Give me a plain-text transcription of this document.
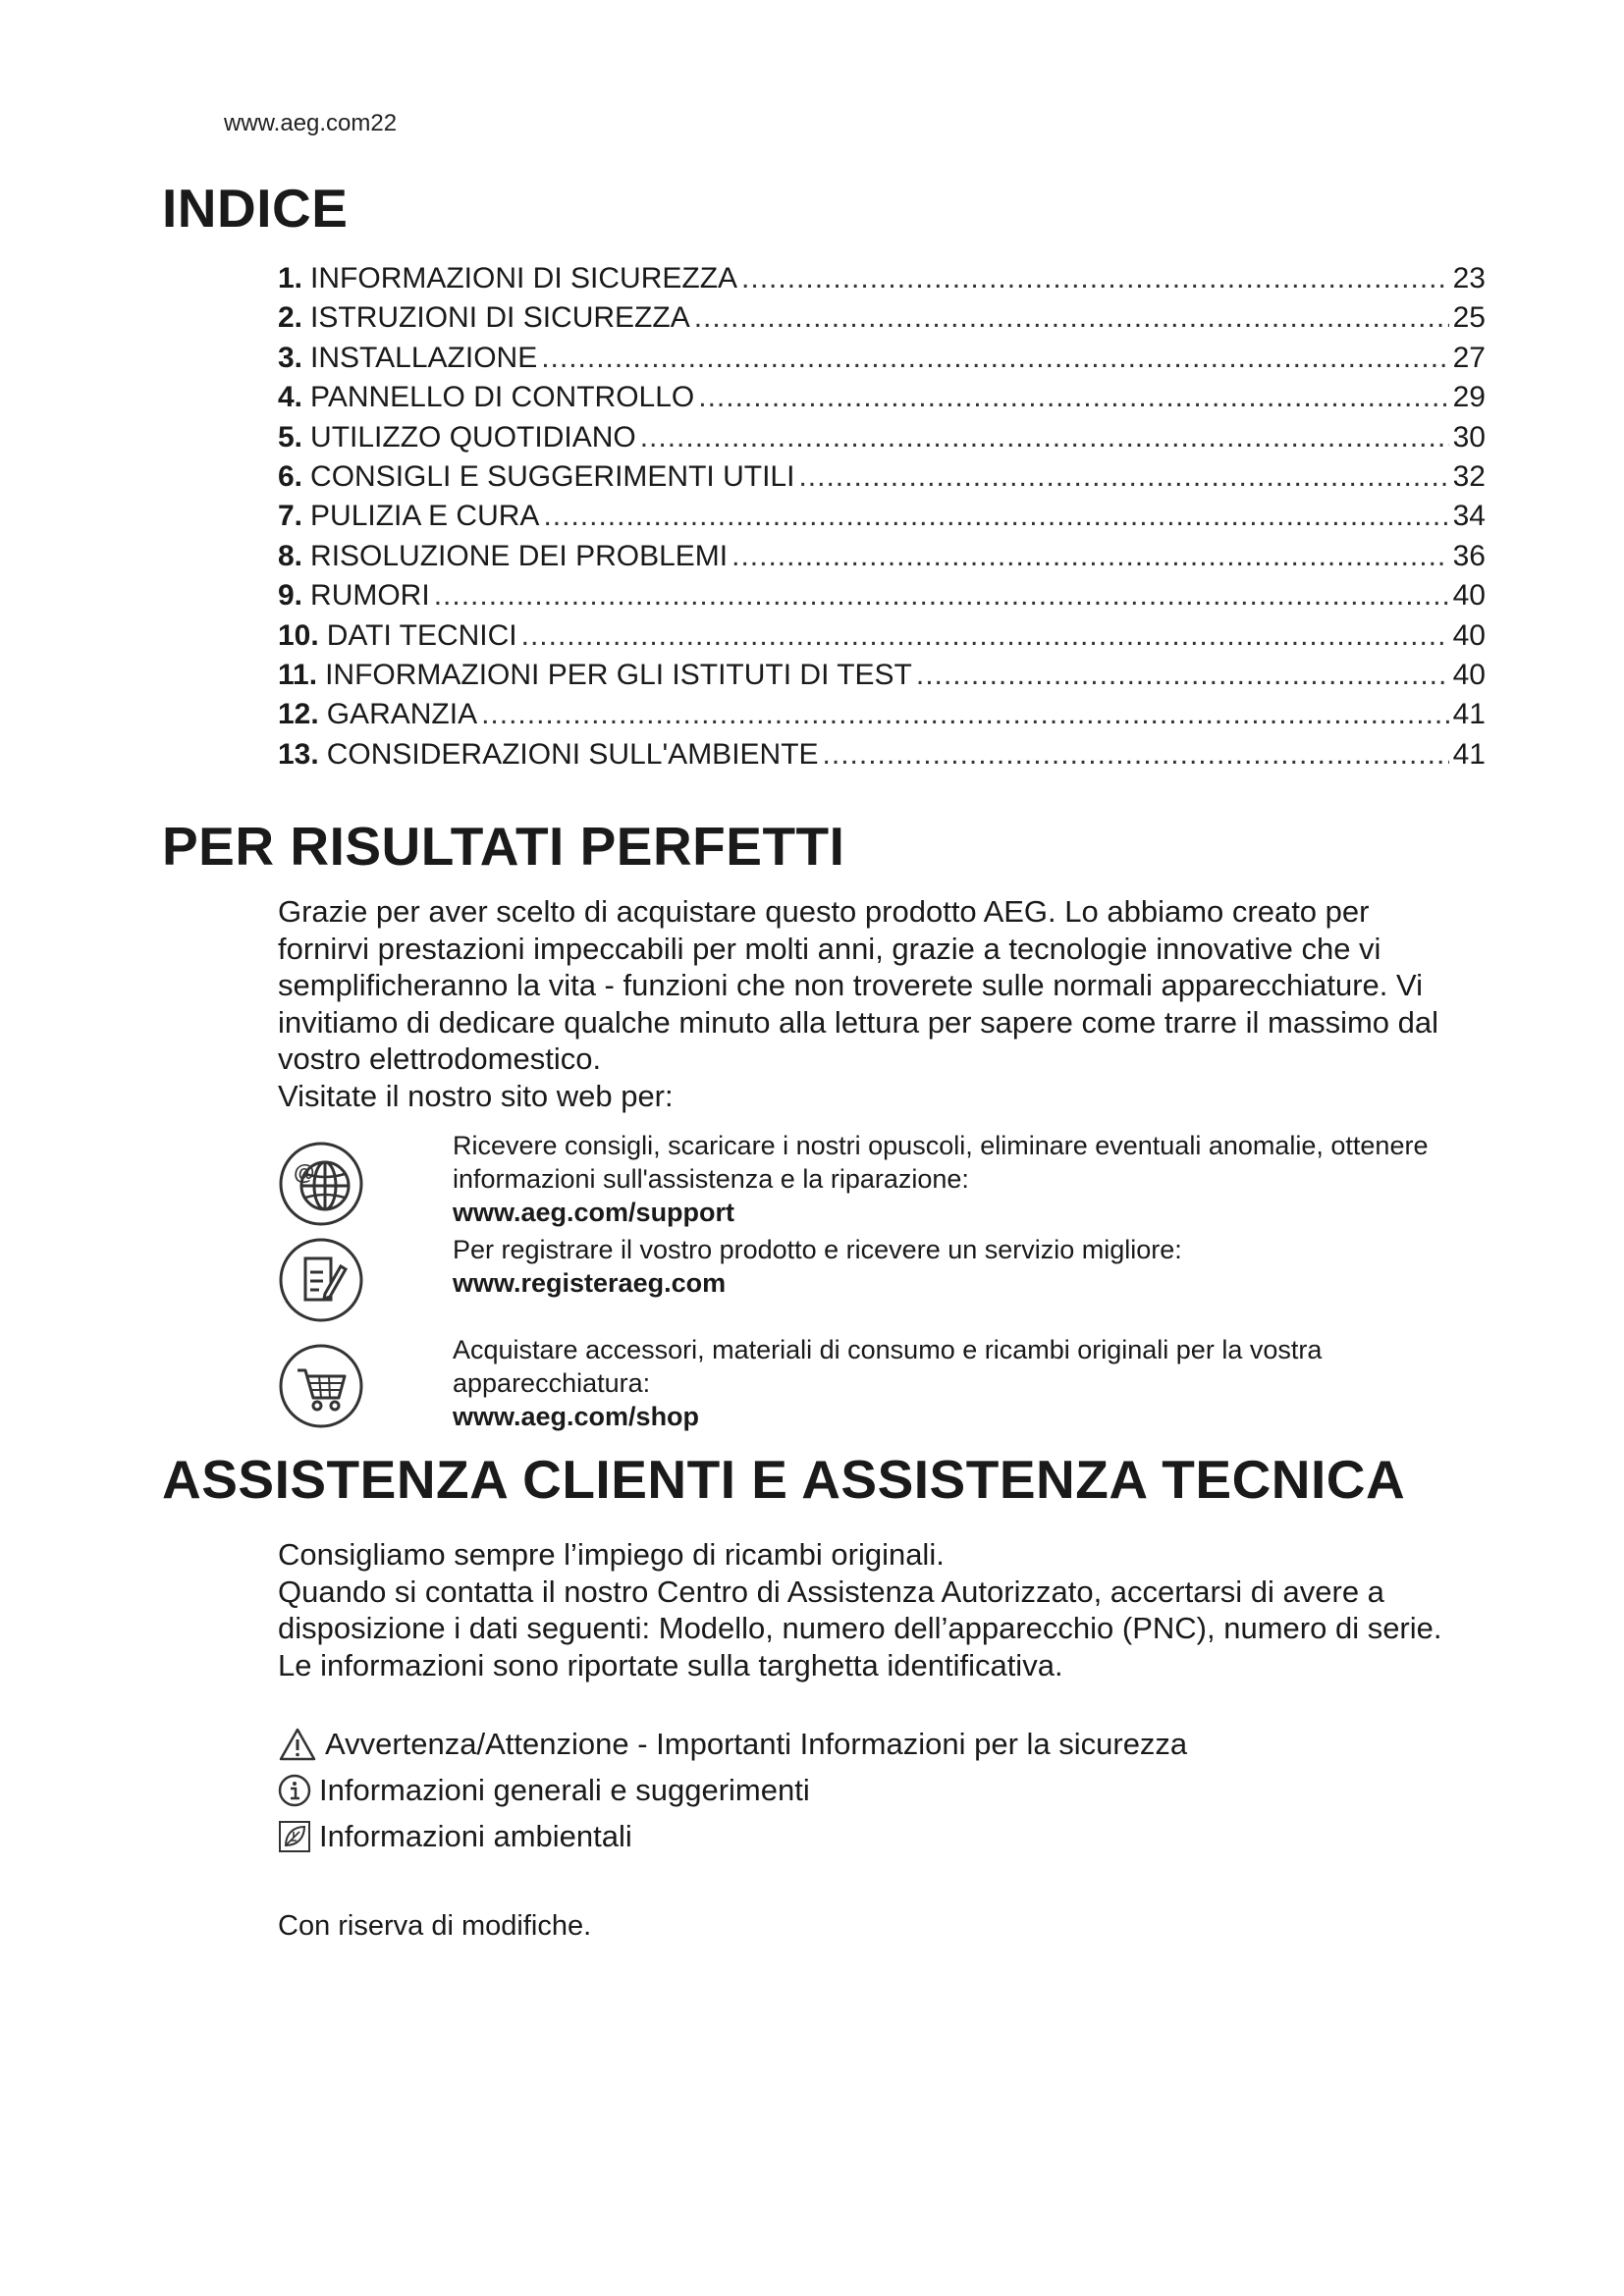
www.aeg.com22
INDICE
1. INFORMAZIONI DI SICUREZZA .....	23
2. ISTRUZIONI DI SICUREZZA .....	25
3. INSTALLAZIONE .....	27
4. PANNELLO DI CONTROLLO .....	29
5. UTILIZZO QUOTIDIANO .....	30
6. CONSIGLI E SUGGERIMENTI UTILI .....	32
7. PULIZIA E CURA .....	34
8. RISOLUZIONE DEI PROBLEMI .....	36
9. RUMORI .....	40
10. DATI TECNICI .....	40
11. INFORMAZIONI PER GLI ISTITUTI DI TEST .....	40
12. GARANZIA .....	41
13. CONSIDERAZIONI SULL'AMBIENTE .....	41
PER RISULTATI PERFETTI

Grazie per aver scelto di acquistare questo prodotto AEG. Lo abbiamo creato per fornirvi prestazioni impeccabili per molti anni, grazie a tecnologie innovative che vi semplificheranno la vita - funzioni che non troverete sulle normali apparecchiature. Vi invitiamo di dedicare qualche minuto alla lettura per sapere come trarre il massimo dal vostro elettrodomestico.

Visitate il nostro sito web per:

@
Ricevere consigli, scaricare i nostri opuscoli, eliminare eventuali anomalie, ottenere informazioni sull'assistenza e la riparazione:
www.aeg.com/support
Per registrare il vostro prodotto e ricevere un servizio migliore:
www.registeraeg.com
Acquistare accessori, materiali di consumo e ricambi originali per la vostra apparecchiatura:
www.aeg.com/shop
ASSISTENZA CLIENTI E ASSISTENZA TECNICA
Consigliamo sempre l’impiego di ricambi originali.
Quando si contatta il nostro Centro di Assistenza Autorizzato, accertarsi di avere a disposizione i dati seguenti: Modello, numero dell’apparecchio (PNC), numero di serie.
Le informazioni sono riportate sulla targhetta identificativa.
Avvertenza/Attenzione - Importanti Informazioni per la sicurezza
Informazioni generali e suggerimenti
Informazioni ambientali
Con riserva di modifiche.
